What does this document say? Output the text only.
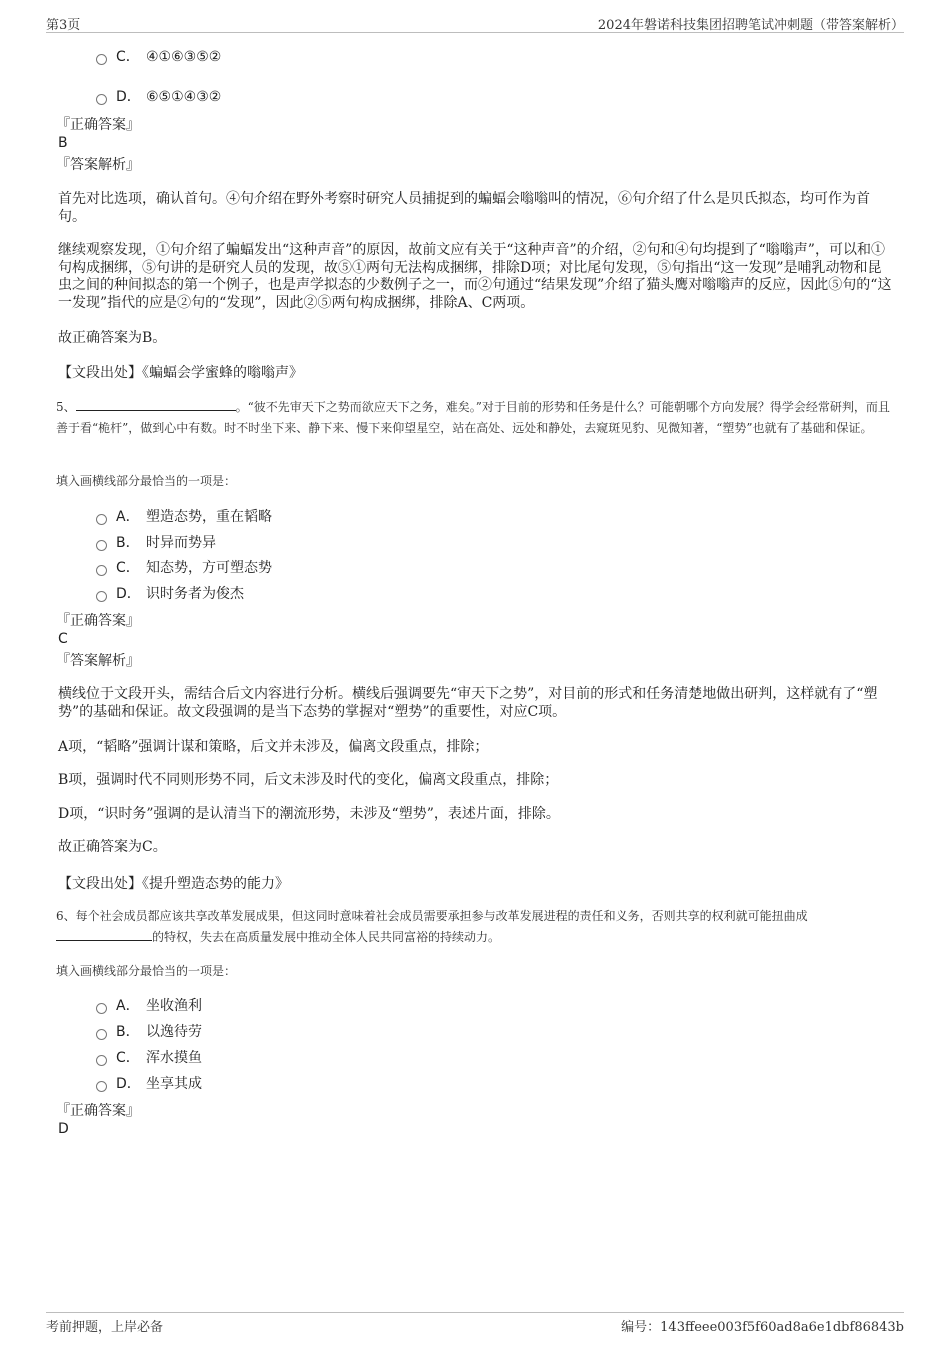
第3页	2024年磐诺科技集团招聘笔试冲刺题（带答案解析）
C． ④①⑥③⑤②
D． ⑥⑤①④③②
『正确答案』
B
『答案解析』
首先对比选项，确认首句。④句介绍在野外考察时研究人员捕捉到的蝙蝠会嗡嗡叫的情况，⑥句介绍了什么是贝氏拟态，均可作为首句。
继续观察发现，①句介绍了蝙蝠发出“这种声音”的原因，故前文应有关于“这种声音”的介绍，②句和④句均提到了“嗡嗡声”，可以和①句构成捆绑，⑤句讲的是研究人员的发现，故⑤①两句无法构成捆绑，排除D项；对比尾句发现，⑤句指出“这一发现”是哺乳动物和昆虫之间的种间拟态的第一个例子，也是声学拟态的少数例子之一，而②句通过“结果发现”介绍了猫头鹰对嗡嗡声的反应，因此⑤句的“这一发现”指代的应是②句的“发现”，因此②⑤两句构成捆绑，排除A、C两项。
故正确答案为B。
【文段出处】《蝙蝠会学蜜蜂的嗡嗡声》
5、	。“彼不先审天下之势而欲应天下之务，难矣。”对于目前的形势和任务是什么？可能朝哪个方向发展？得学会经常研判，而且善于看“桅杆”，做到心中有数。时不时坐下来、静下来、慢下来仰望星空，站在高处、远处和静处，去窥斑见豹、见微知著，“塑势”也就有了基础和保证。
填入画横线部分最恰当的一项是：
A． 塑造态势，重在韬略
B． 时异而势异
C． 知态势，方可塑态势
D． 识时务者为俊杰
『正确答案』
C
『答案解析』
横线位于文段开头，需结合后文内容进行分析。横线后强调要先“审天下之势”，对目前的形式和任务清楚地做出研判，这样就有了“塑势”的基础和保证。故文段强调的是当下态势的掌握对“塑势”的重要性，对应C项。
A项，“韬略”强调计谋和策略，后文并未涉及，偏离文段重点，排除；
B项，强调时代不同则形势不同，后文未涉及时代的变化，偏离文段重点，排除；
D项，“识时务”强调的是认清当下的潮流形势，未涉及“塑势”，表述片面，排除。
故正确答案为C。
【文段出处】《提升塑造态势的能力》
6、每个社会成员都应该共享改革发展成果，但这同时意味着社会成员需要承担参与改革发展进程的责任和义务，否则共享的权利就可能扭曲成的特权，失去在高质量发展中推动全体人民共同富裕的持续动力。
填入画横线部分最恰当的一项是：
A． 坐收渔利
B． 以逸待劳
C． 浑水摸鱼
D． 坐享其成
『正确答案』
D
考前押题，上岸必备	编号：143ffeee003f5f60ad8a6e1dbf86843b
